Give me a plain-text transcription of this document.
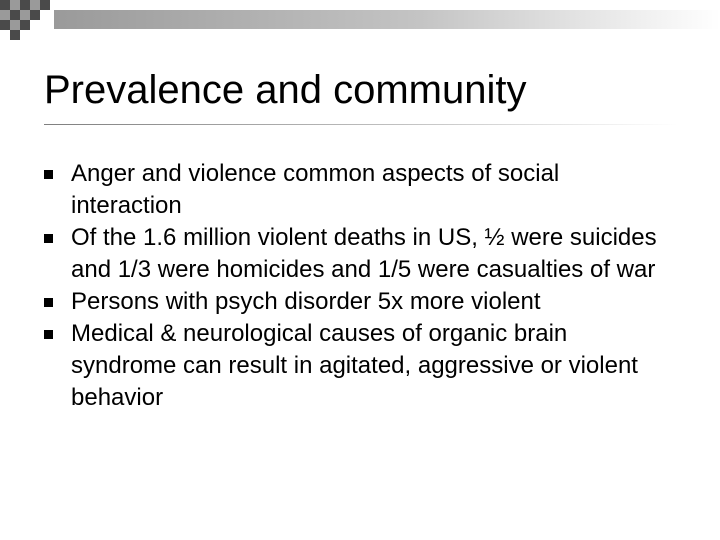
Prevalence and community
Anger and violence common aspects of social interaction
Of the 1.6 million violent deaths in US, ½ were suicides and 1/3 were homicides and 1/5 were casualties of war
Persons with psych disorder 5x more violent
Medical & neurological causes of organic brain syndrome can result in agitated, aggressive or violent behavior
